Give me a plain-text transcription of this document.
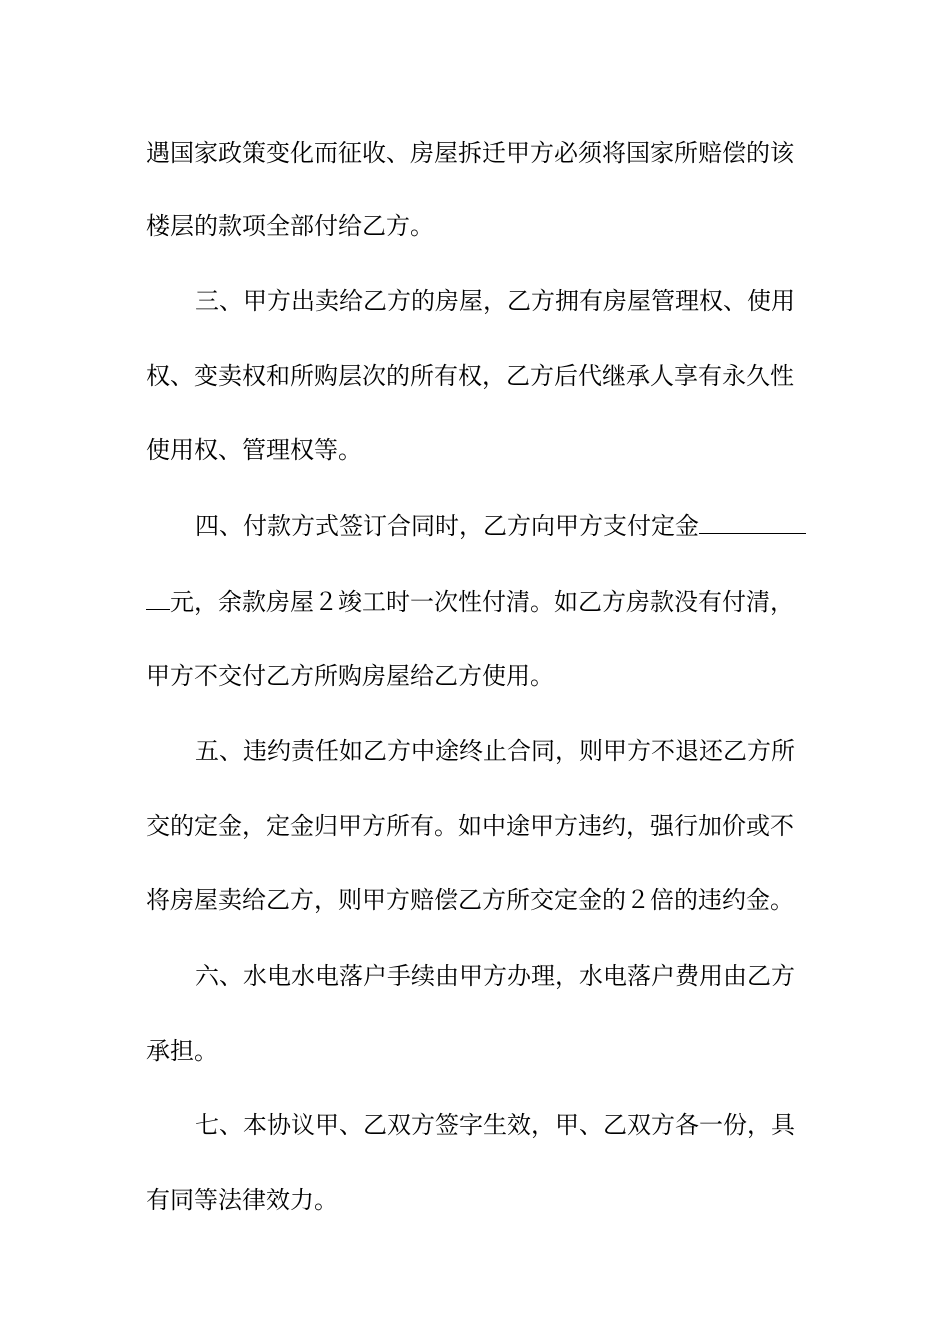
遇国家政策变化而征收、房屋拆迁甲方必须将国家所赔偿的该
楼层的款项全部付给乙方。
三、甲方出卖给乙方的房屋，乙方拥有房屋管理权、使用
权、变卖权和所购层次的所有权，乙方后代继承人享有永久性
使用权、管理权等。
四、付款方式签订合同时，乙方向甲方支付定金
元，余款房屋２竣工时一次性付清。如乙方房款没有付清，
甲方不交付乙方所购房屋给乙方使用。
五、违约责任如乙方中途终止合同，则甲方不退还乙方所
交的定金，定金归甲方所有。如中途甲方违约，强行加价或不
将房屋卖给乙方，则甲方赔偿乙方所交定金的２倍的违约金。
六、水电水电落户手续由甲方办理，水电落户费用由乙方
承担。
七、本协议甲、乙双方签字生效，甲、乙双方各一份，具
有同等法律效力。
